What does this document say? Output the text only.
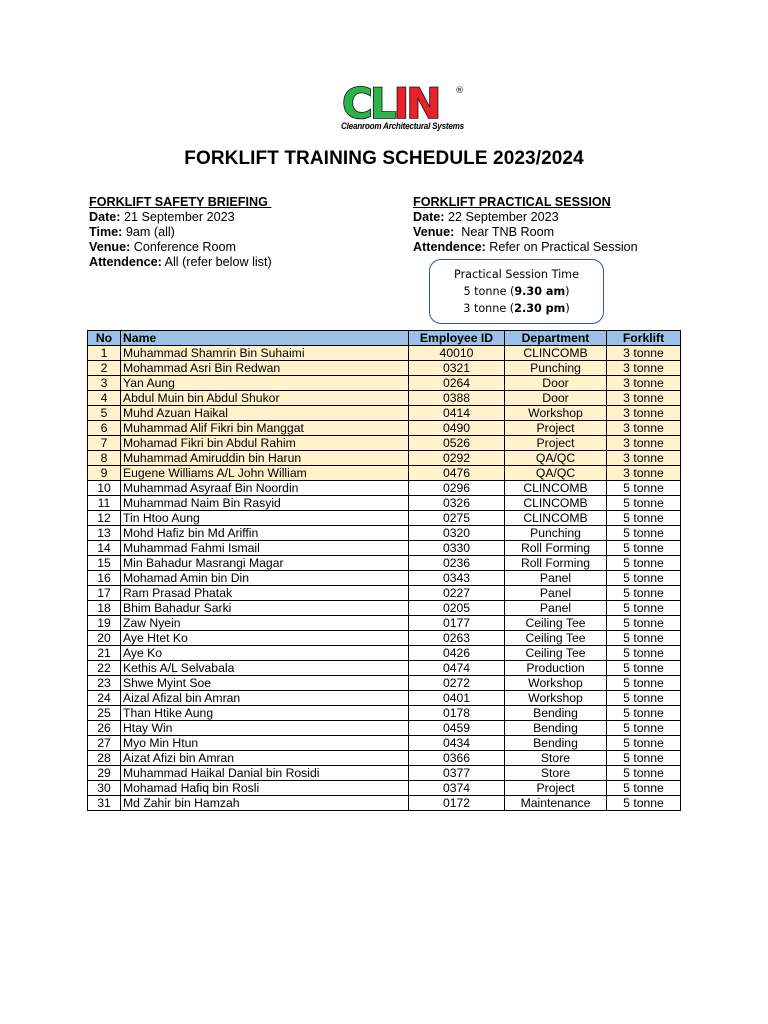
CLIN ®
Cleanroom Architectural Systems
FORKLIFT TRAINING SCHEDULE 2023/2024
FORKLIFT SAFETY BRIEFING
Date: 21 September 2023
Time: 9am (all)
Venue: Conference Room
Attendence: All (refer below list)
FORKLIFT PRACTICAL SESSION
Date: 22 September 2023
Venue:  Near TNB Room
Attendence: Refer on Practical Session
Practical Session Time
5 tonne (9.30 am)
3 tonne (2.30 pm)
No	Name	Employee ID	Department	Forklift
1	Muhammad Shamrin Bin Suhaimi	40010	CLINCOMB	3 tonne
2	Mohammad Asri Bin Redwan	0321	Punching	3 tonne
3	Yan Aung	0264	Door	3 tonne
4	Abdul Muin bin Abdul Shukor	0388	Door	3 tonne
5	Muhd Azuan Haikal	0414	Workshop	3 tonne
6	Muhammad Alif Fikri bin Manggat	0490	Project	3 tonne
7	Mohamad Fikri bin Abdul Rahim	0526	Project	3 tonne
8	Muhammad Amiruddin bin Harun	0292	QA/QC	3 tonne
9	Eugene Williams A/L John William	0476	QA/QC	3 tonne
10	Muhammad Asyraaf Bin Noordin	0296	CLINCOMB	5 tonne
11	Muhammad Naim Bin Rasyid	0326	CLINCOMB	5 tonne
12	Tin Htoo Aung	0275	CLINCOMB	5 tonne
13	Mohd Hafiz bin Md Ariffin	0320	Punching	5 tonne
14	Muhammad Fahmi Ismail	0330	Roll Forming	5 tonne
15	Min Bahadur Masrangi Magar	0236	Roll Forming	5 tonne
16	Mohamad Amin bin Din	0343	Panel	5 tonne
17	Ram Prasad Phatak	0227	Panel	5 tonne
18	Bhim Bahadur Sarki	0205	Panel	5 tonne
19	Zaw Nyein	0177	Ceiling Tee	5 tonne
20	Aye Htet Ko	0263	Ceiling Tee	5 tonne
21	Aye Ko	0426	Ceiling Tee	5 tonne
22	Kethis A/L Selvabala	0474	Production	5 tonne
23	Shwe Myint Soe	0272	Workshop	5 tonne
24	Aizal Afizal bin Amran	0401	Workshop	5 tonne
25	Than Htike Aung	0178	Bending	5 tonne
26	Htay Win	0459	Bending	5 tonne
27	Myo Min Htun	0434	Bending	5 tonne
28	Aizat Afizi bin Amran	0366	Store	5 tonne
29	Muhammad Haikal Danial bin Rosidi	0377	Store	5 tonne
30	Mohamad Hafiq bin Rosli	0374	Project	5 tonne
31	Md Zahir bin Hamzah	0172	Maintenance	5 tonne
